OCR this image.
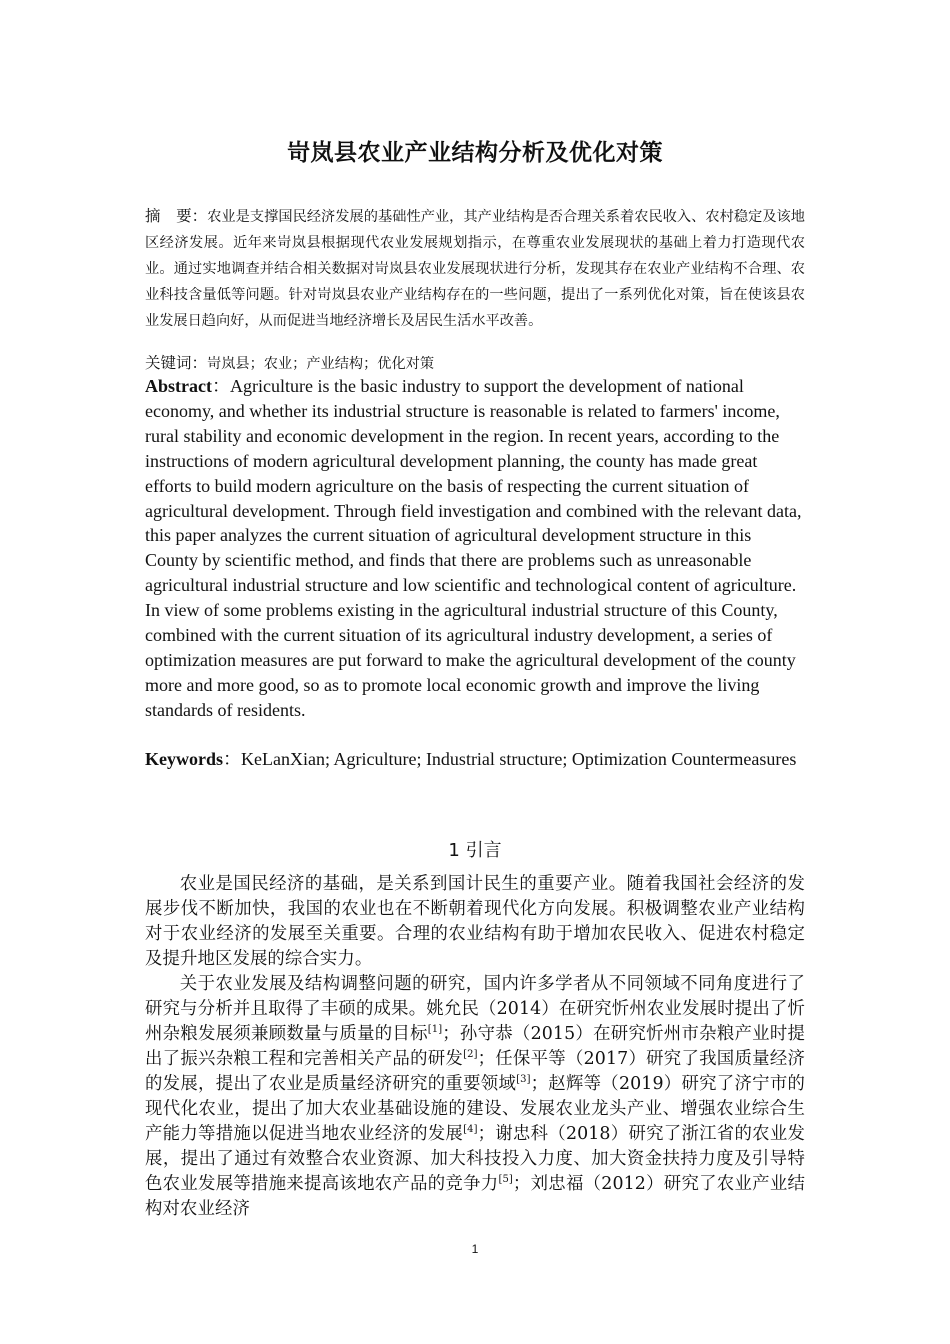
岢岚县农业产业结构分析及优化对策

摘　要：农业是支撑国民经济发展的基础性产业，其产业结构是否合理关系着农民收入、农村稳定及该地区经济发展。近年来岢岚县根据现代农业发展规划指示，在尊重农业发展现状的基础上着力打造现代农业。通过实地调查并结合相关数据对岢岚县农业发展现状进行分析，发现其存在农业产业结构不合理、农业科技含量低等问题。针对岢岚县农业产业结构存在的一些问题，提出了一系列优化对策，旨在使该县农业发展日趋向好，从而促进当地经济增长及居民生活水平改善。

关键词：岢岚县；农业；产业结构；优化对策

Abstract：Agriculture is the basic industry to support the development of national economy, and whether its industrial structure is reasonable is related to farmers' income, rural stability and economic development in the region. In recent years, according to the instructions of modern agricultural development planning, the county has made great efforts to build modern agriculture on the basis of respecting the current situation of agricultural development. Through field investigation and combined with the relevant data, this paper analyzes the current situation of agricultural development structure in this County by scientific method, and finds that there are problems such as unreasonable agricultural industrial structure and low scientific and technological content of agriculture. In view of some problems existing in the agricultural industrial structure of this County, combined with the current situation of its agricultural industry development, a series of optimization measures are put forward to make the agricultural development of the county more and more good, so as to promote local economic growth and improve the living standards of residents.

Keywords：KeLanXian; Agriculture; Industrial structure; Optimization Countermeasures

1 引言

农业是国民经济的基础，是关系到国计民生的重要产业。随着我国社会经济的发展步伐不断加快，我国的农业也在不断朝着现代化方向发展。积极调整农业产业结构对于农业经济的发展至关重要。合理的农业结构有助于增加农民收入、促进农村稳定及提升地区发展的综合实力。

关于农业发展及结构调整问题的研究，国内许多学者从不同领域不同角度进行了研究与分析并且取得了丰硕的成果。姚允民（2014）在研究忻州农业发展时提出了忻州杂粮发展须兼顾数量与质量的目标[1]；孙守恭（2015）在研究忻州市杂粮产业时提出了振兴杂粮工程和完善相关产品的研发[2]；任保平等（2017）研究了我国质量经济的发展，提出了农业是质量经济研究的重要领域[3]；赵辉等（2019）研究了济宁市的现代化农业，提出了加大农业基础设施的建设、发展农业龙头产业、增强农业综合生产能力等措施以促进当地农业经济的发展[4]；谢忠科（2018）研究了浙江省的农业发展，提出了通过有效整合农业资源、加大科技投入力度、加大资金扶持力度及引导特色农业发展等措施来提高该地农产品的竞争力[5]；刘忠福（2012）研究了农业产业结构对农业经济

1
